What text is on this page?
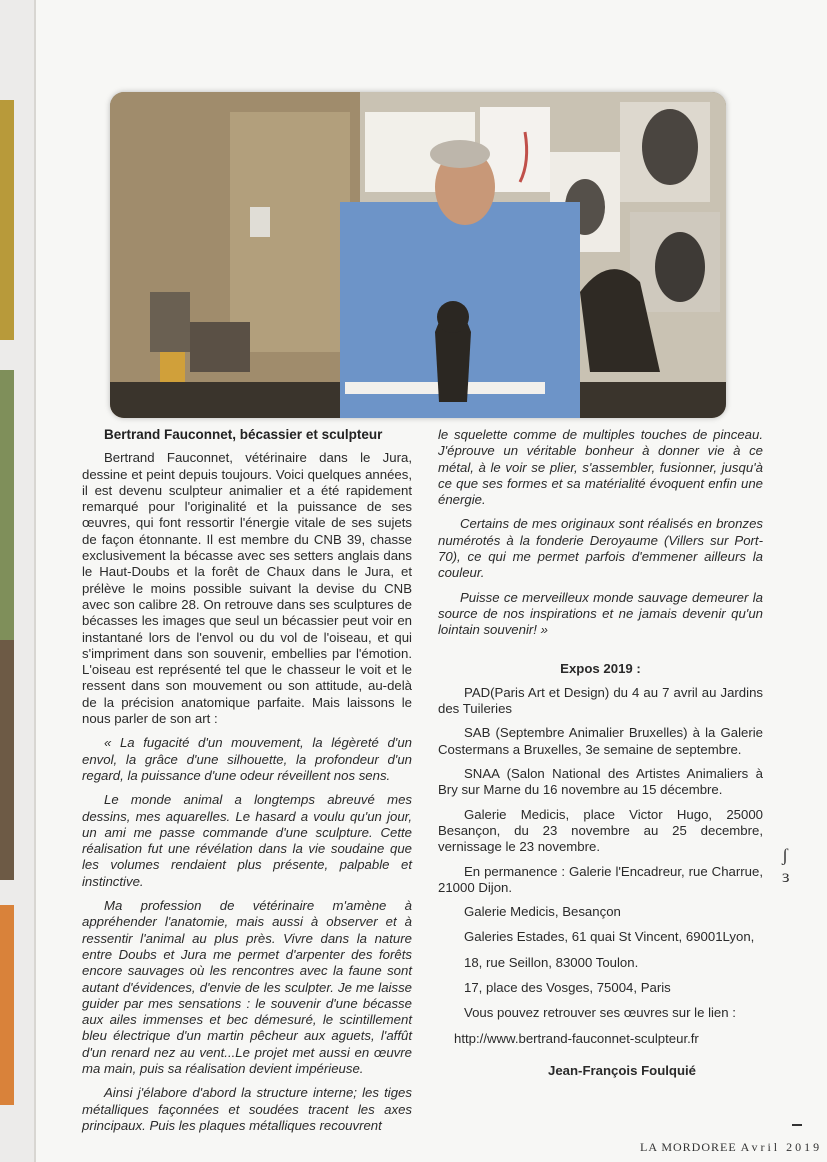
Bertrand Fauconnet, bécassier et sculpteur

Bertrand Fauconnet, vétérinaire dans le Jura, dessine et peint depuis toujours. Voici quelques années, il est devenu sculpteur animalier et a été rapidement remarqué pour l'originalité et la puissance de ses œuvres, qui font ressortir l'énergie vitale de ses sujets de façon étonnante. Il est membre du CNB 39, chasse exclusivement la bécasse avec ses setters anglais dans le Haut-Doubs et la forêt de Chaux dans le Jura, et prélève le moins possible suivant la devise du CNB avec son calibre 28. On retrouve dans ses sculptures de bécasses les images que seul un bécassier peut voir en instantané lors de l'envol ou du vol de l'oiseau, et qui s'impriment dans son souvenir, embellies par l'émotion. L'oiseau est représenté tel que le chasseur le voit et le ressent dans son mouvement ou son attitude, au-delà de la précision anatomique parfaite. Mais laissons le nous parler de son art :

« La fugacité d'un mouvement, la légèreté d'un envol, la grâce d'une silhouette, la profondeur d'un regard, la puissance d'une odeur réveillent nos sens.

Le monde animal a longtemps abreuvé mes dessins, mes aquarelles. Le hasard a voulu qu'un jour, un ami me passe commande d'une sculpture. Cette réalisation fut une révélation dans la vie soudaine que les volumes rendaient plus présente, palpable et instinctive.

Ma profession de vétérinaire m'amène à appréhender l'anatomie, mais aussi à observer et à ressentir l'animal au plus près. Vivre dans la nature entre Doubs et Jura me permet d'arpenter des forêts encore sauvages où les rencontres avec la faune sont autant d'évidences, d'envie de les sculpter. Je me laisse guider par mes sensations : le souvenir d'une bécasse aux ailes immenses et bec démesuré, le scintillement bleu électrique d'un martin pêcheur aux aguets, l'affût d'un renard nez au vent...Le projet met aussi en œuvre ma main, puis sa réalisation devient impérieuse.

Ainsi j'élabore d'abord la structure interne; les tiges métalliques façonnées et soudées tracent les axes principaux. Puis les plaques métalliques recouvrent

le squelette comme de multiples touches de pinceau. J'éprouve un véritable bonheur à donner vie à ce métal, à le voir se plier, s'assembler, fusionner, jusqu'à ce que ses formes et sa matérialité évoquent enfin une énergie.

Certains de mes originaux sont réalisés en bronzes numérotés à la fonderie Deroyaume (Villers sur Port-70), ce qui me permet parfois d'emmener ailleurs la couleur.

Puisse ce merveilleux monde sauvage demeurer la source de nos inspirations et ne jamais devenir qu'un lointain souvenir! »

Expos 2019 :

PAD(Paris Art et Design) du 4 au 7 avril au Jardins des Tuileries

SAB (Septembre Animalier Bruxelles) à la Galerie Costermans a Bruxelles, 3e semaine de septembre.

SNAA (Salon National des Artistes Animaliers à Bry sur Marne du 16 novembre au 15 décembre.

Galerie Medicis, place Victor Hugo, 25000 Besançon, du 23 novembre au 25 decembre, vernissage le 23 novembre.

En permanence : Galerie l'Encadreur, rue Charrue, 21000 Dijon.

Galerie Medicis, Besançon

Galeries Estades, 61 quai St Vincent, 69001Lyon,

18, rue Seillon, 83000 Toulon.

17, place des Vosges, 75004, Paris

Vous pouvez retrouver ses œuvres sur le lien :

http://www.bertrand-fauconnet-sculpteur.fr

Jean-François Foulquié

ʃ
ɜ
LA MORDOREE Avril 2019
